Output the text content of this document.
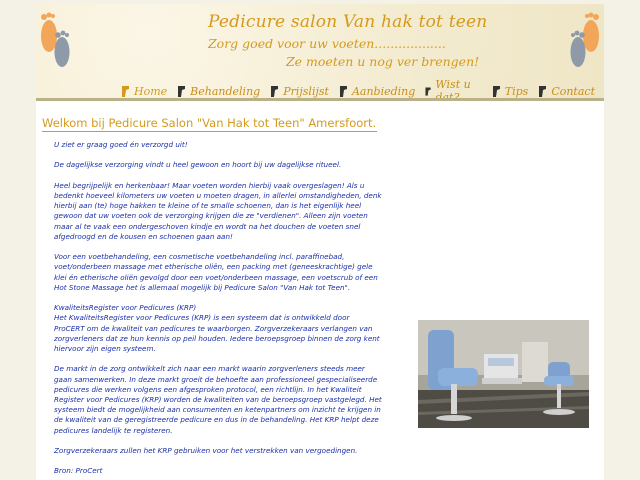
Pedicure salon Van hak tot teen
Zorg goed voor uw voeten..................
Ze moeten u nog ver brengen!
Home Behandeling Prijslijst Aanbieding Wist u	Tips Contact
Welkom bij Pedicure Salon "Van Hak tot Teen" Amersfoort.

U ziet er graag goed én verzorgd uit!

De dagelijkse verzorging vindt u heel gewoon en hoort bij uw dagelijkse ritueel.

Heel begrijpelijk en herkenbaar! Maar voeten worden hierbij vaak overgeslagen! Als u bedenkt hoeveel kilometers uw voeten u moeten dragen, in allerlei omstandigheden, denk hierbij aan (te) hoge hakken te kleine of te smalle schoenen, dan is het eigenlijk heel gewoon dat uw voeten ook de verzorging krijgen die ze "verdienen". Alleen zijn voeten maar al te vaak een ondergeschoven kindje en wordt na het douchen de voeten snel afgedroogd en de kousen en schoenen gaan aan!

Voor een voetbehandeling, een cosmetische voetbehandeling incl. paraffinebad, voet/onderbeen massage met etherische oliën, een packing met (geneeskrachtige) gele klei én etherische oliën gevolgd door een voet/onderbeen massage, een voetscrub of een Hot Stone Massage het is allemaal mogelijk bij Pedicure Salon "Van Hak tot Teen".

KwaliteitsRegister voor Pedicures (KRP)
Het KwaliteitsRegister voor Pedicures (KRP) is een systeem dat is ontwikkeld door ProCERT om de kwaliteit van pedicures te waarborgen. Zorgverzekeraars verlangen van zorgverleners dat ze hun kennis op peil houden. Iedere beroepsgroep binnen de zorg kent hiervoor zijn eigen systeem.

De markt in de zorg ontwikkelt zich naar een markt waarin zorgverleners steeds meer gaan samenwerken. In deze markt groeit de behoefte aan professioneel gespecialiseerde pedicures die werken volgens een afgesproken protocol, een richtlijn. In het Kwaliteit Register voor Pedicures (KRP) worden de kwaliteiten van de beroepsgroep vastgelegd. Het systeem biedt de mogelijkheid aan consumenten en ketenpartners om inzicht te krijgen in de kwaliteit van de geregistreerde pedicure en dus in de behandeling. Het KRP helpt deze pedicures landelijk te registeren.

Zorgverzekeraars zullen het KRP gebruiken voor het verstrekken van vergoedingen.

Bron: ProCert
